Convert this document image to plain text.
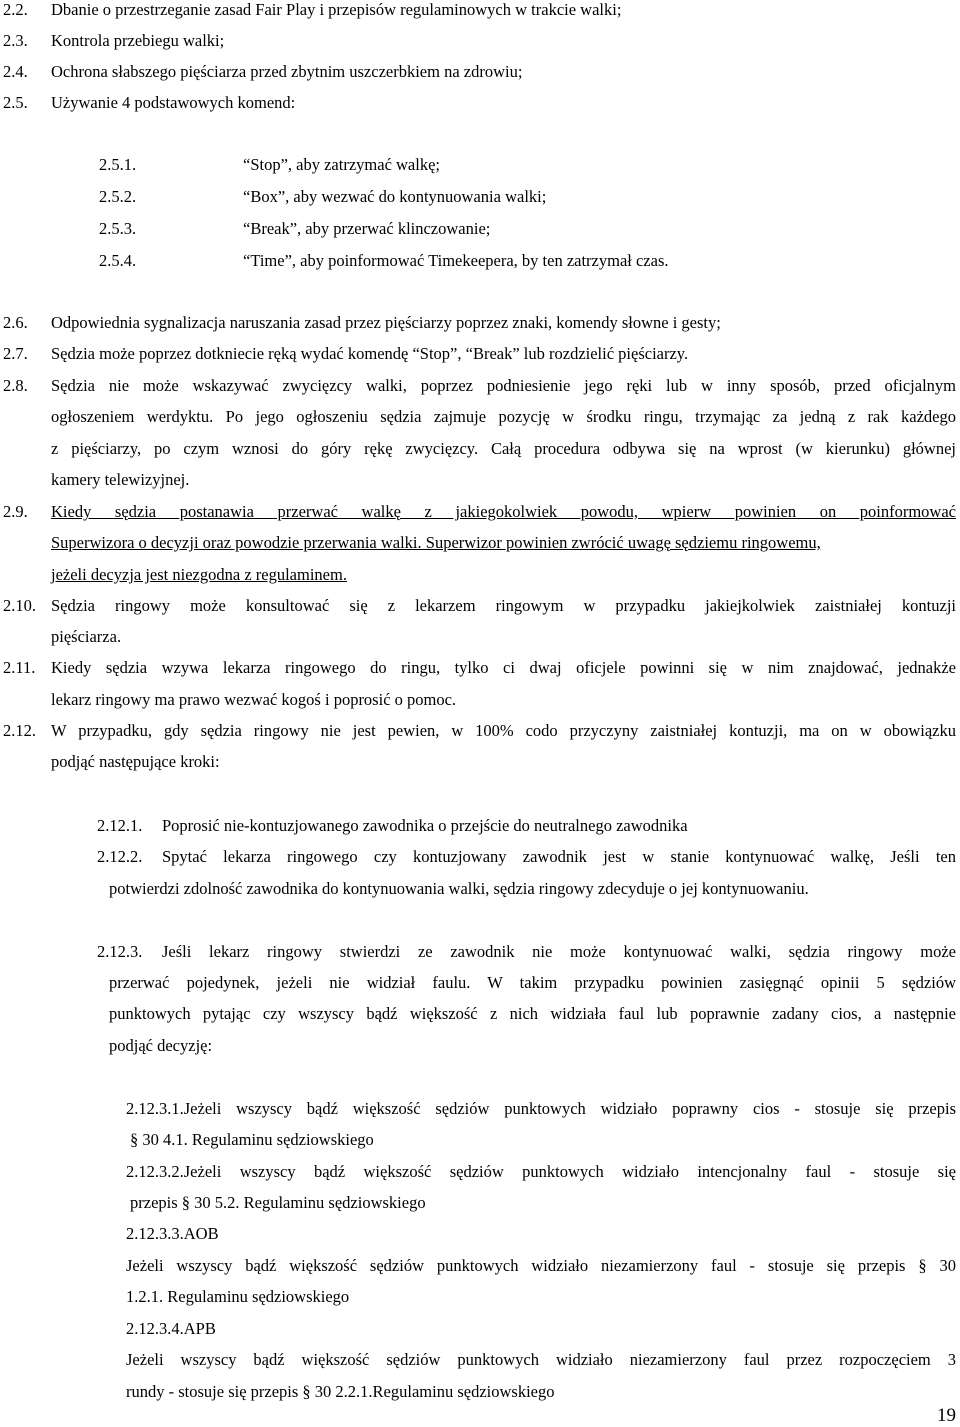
2.2. Dbanie o przestrzeganie zasad Fair Play i przepisów regulaminowych w trakcie walki;
2.3. Kontrola przebiegu walki;
2.4. Ochrona słabszego pięściarza przed zbytnim uszczerbkiem na zdrowiu;
2.5. Używanie 4 podstawowych komend:
2.5.1.	“Stop”, aby zatrzymać walkę;
2.5.2.	“Box”, aby wezwać do kontynuowania walki;
2.5.3.	“Break”, aby przerwać klinczowanie;
2.5.4.	“Time”, aby poinformować Timekeepera, by ten zatrzymał czas.
2.6. Odpowiednia sygnalizacja naruszania zasad przez pięściarzy poprzez znaki, komendy słowne i gesty;
2.7. Sędzia może poprzez dotkniecie ręką wydać komendę “Stop”, “Break” lub rozdzielić pięściarzy.
2.8. Sędzia nie może wskazywać zwycięzcy walki, poprzez podniesienie jego ręki lub w inny sposób, przed oficjalnym
ogłoszeniem werdyktu. Po jego ogłoszeniu sędzia zajmuje pozycję w środku ringu, trzymając za jedną z rak każdego
z pięściarzy, po czym wznosi do góry rękę zwycięzcy. Całą procedura odbywa się na wprost (w kierunku) głównej
kamery telewizyjnej.
2.9. Kiedy sędzia postanawia przerwać walkę z jakiegokolwiek powodu, wpierw powinien on poinformować
Superwizora o decyzji oraz powodzie przerwania walki. Superwizor powinien zwrócić uwagę sędziemu ringowemu,
jeżeli decyzja jest niezgodna z regulaminem.
2.10. Sędzia ringowy może konsultować się z lekarzem ringowym w przypadku jakiejkolwiek zaistniałej kontuzji
pięściarza.
2.11. Kiedy sędzia wzywa lekarza ringowego do ringu, tylko ci dwaj oficjele powinni się w nim znajdować, jednakże
lekarz ringowy ma prawo wezwać kogoś i poprosić o pomoc.
2.12. W przypadku, gdy sędzia ringowy nie jest pewien, w 100% codo przyczyny zaistniałej kontuzji, ma on w obowiązku
podjąć następujące kroki:
2.12.1. Poprosić nie-kontuzjowanego zawodnika o przejście do neutralnego zawodnika
2.12.2. Spytać lekarza ringowego czy kontuzjowany zawodnik jest w stanie kontynuować walkę, Jeśli ten
potwierdzi zdolność zawodnika do kontynuowania walki, sędzia ringowy zdecyduje o jej kontynuowaniu.
2.12.3. Jeśli lekarz ringowy stwierdzi ze zawodnik nie może kontynuować walki, sędzia ringowy może
przerwać pojedynek, jeżeli nie widział faulu. W takim przypadku powinien zasięgnąć opinii 5 sędziów
punktowych pytając czy wszyscy bądź większość z nich widziała faul lub poprawnie zadany cios, a następnie
podjąć decyzję:
2.12.3.1.Jeżeli wszyscy bądź większość sędziów punktowych widziało poprawny cios - stosuje się przepis
§ 30 4.1. Regulaminu sędziowskiego
2.12.3.2.Jeżeli wszyscy bądź większość sędziów punktowych widziało intencjonalny faul - stosuje się
przepis § 30 5.2. Regulaminu sędziowskiego
2.12.3.3.AOB
Jeżeli wszyscy bądź większość sędziów punktowych widziało niezamierzony faul - stosuje się przepis § 30
1.2.1. Regulaminu sędziowskiego
2.12.3.4.APB
Jeżeli wszyscy bądź większość sędziów punktowych widziało niezamierzony faul przez rozpoczęciem 3
rundy - stosuje się przepis § 30 2.2.1.Regulaminu sędziowskiego
19
